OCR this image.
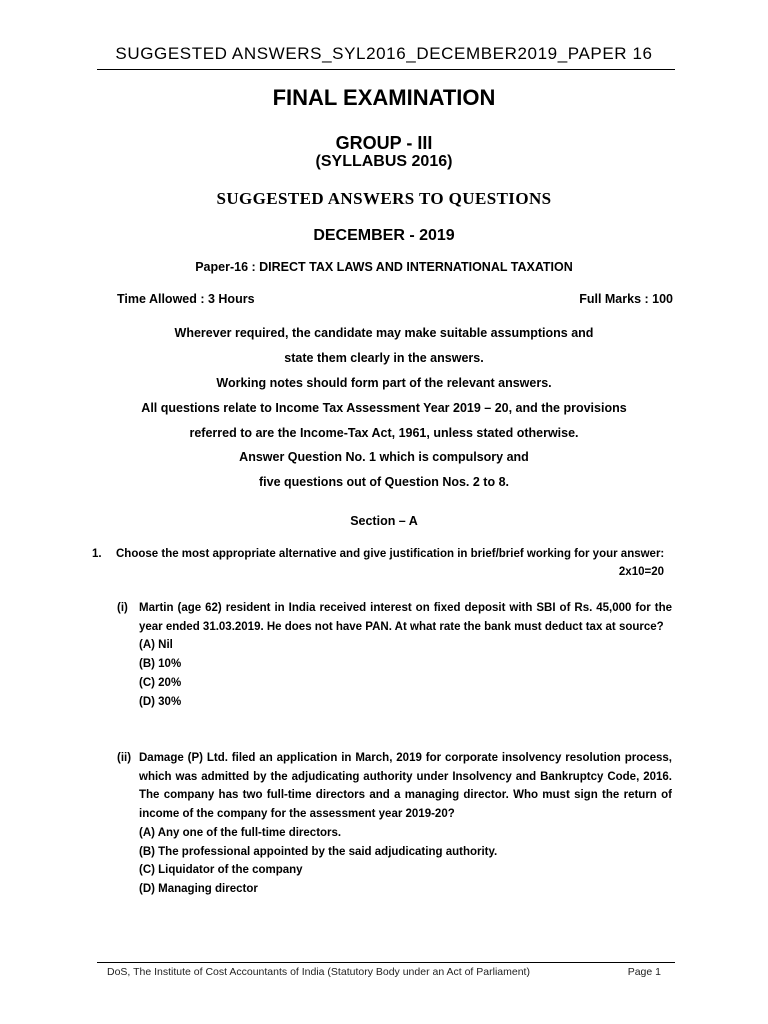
SUGGESTED ANSWERS_SYL2016_DECEMBER2019_PAPER 16
FINAL EXAMINATION
GROUP - III
(SYLLABUS 2016)
SUGGESTED ANSWERS TO QUESTIONS
DECEMBER - 2019
Paper-16 : DIRECT TAX LAWS AND INTERNATIONAL TAXATION
Time Allowed : 3 Hours	Full Marks : 100
Wherever required, the candidate may make suitable assumptions and
state them clearly in the answers.
Working notes should form part of the relevant answers.
All questions relate to Income Tax Assessment Year 2019 – 20, and the provisions
referred to are the Income-Tax Act, 1961, unless stated otherwise.
Answer Question No. 1 which is compulsory and
five questions out of Question Nos. 2 to 8.
Section – A
1. Choose the most appropriate alternative and give justification in brief/brief working for your answer:
2x10=20
(i) Martin (age 62) resident in India received interest on fixed deposit with SBI of Rs. 45,000 for the year ended 31.03.2019. He does not have PAN. At what rate the bank must deduct tax at source?
(A) Nil
(B) 10%
(C) 20%
(D) 30%
(ii) Damage (P) Ltd. filed an application in March, 2019 for corporate insolvency resolution process, which was admitted by the adjudicating authority under Insolvency and Bankruptcy Code, 2016. The company has two full-time directors and a managing director. Who must sign the return of income of the company for the assessment year 2019-20?
(A) Any one of the full-time directors.
(B) The professional appointed by the said adjudicating authority.
(C) Liquidator of the company
(D) Managing director
DoS, The Institute of Cost Accountants of India (Statutory Body under an Act of Parliament)	Page 1
